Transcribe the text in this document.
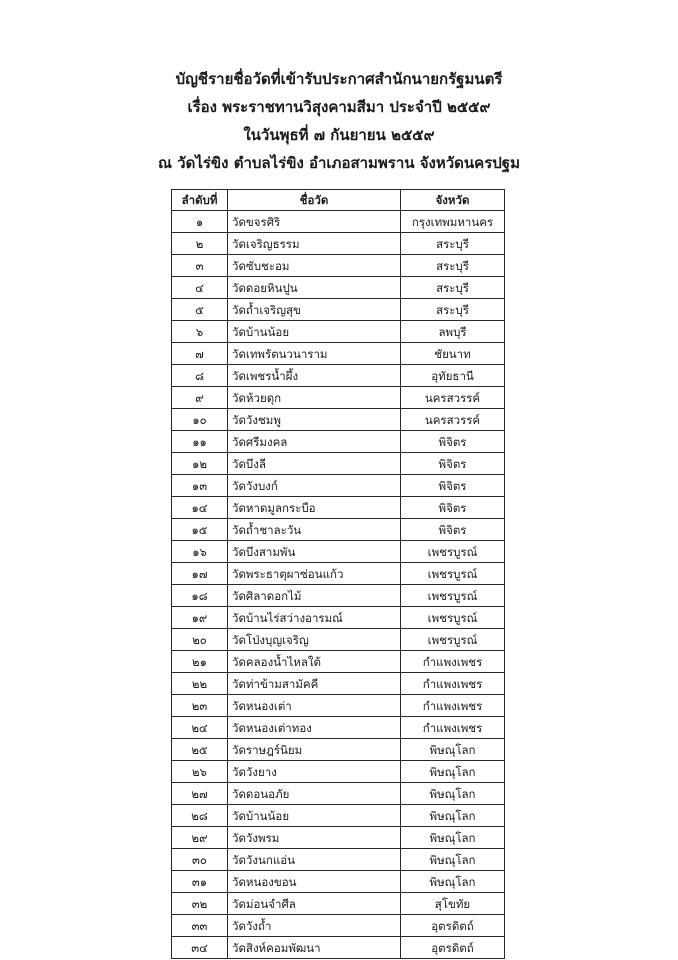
บัญชีรายชื่อวัดที่เข้ารับประกาศสำนักนายกรัฐมนตรี
เรื่อง พระราชทานวิสุงคามสีมา ประจำปี ๒๕๕๙
ในวันพุธที่ ๗ กันยายน ๒๕๕๙
ณ วัดไร่ขิง ตำบลไร่ขิง อำเภอสามพราน จังหวัดนครปฐม
ลำดับที่	ชื่อวัด	จังหวัด
๑	วัดขจรศิริ	กรุงเทพมหานคร
๒	วัดเจริญธรรม	สระบุรี
๓	วัดซับชะอม	สระบุรี
๔	วัดดอยหินปูน	สระบุรี
๕	วัดถ้ำเจริญสุข	สระบุรี
๖	วัดบ้านน้อย	ลพบุรี
๗	วัดเทพรัตนวนาราม	ชัยนาท
๘	วัดเพชรน้ำผึ้ง	อุทัยธานี
๙	วัดห้วยดุก	นครสวรรค์
๑๐	วัดวังชมพู	นครสวรรค์
๑๑	วัดศรีมงคล	พิจิตร
๑๒	วัดบึงลี	พิจิตร
๑๓	วัดวังบงก์	พิจิตร
๑๔	วัดหาดมูลกระบือ	พิจิตร
๑๕	วัดถ้ำชาละวัน	พิจิตร
๑๖	วัดบึงสามพัน	เพชรบูรณ์
๑๗	วัดพระธาตุผาซ่อนแก้ว	เพชรบูรณ์
๑๘	วัดศิลาดอกไม้	เพชรบูรณ์
๑๙	วัดบ้านไร่สว่างอารมณ์	เพชรบูรณ์
๒๐	วัดโป่งบุญเจริญ	เพชรบูรณ์
๒๑	วัดคลองน้ำไหลใต้	กำแพงเพชร
๒๒	วัดท่าข้ามสามัคคี	กำแพงเพชร
๒๓	วัดหนองเต่า	กำแพงเพชร
๒๔	วัดหนองเต่าทอง	กำแพงเพชร
๒๕	วัดราษฎร์นิยม	พิษณุโลก
๒๖	วัดวังยาง	พิษณุโลก
๒๗	วัดดอนอภัย	พิษณุโลก
๒๘	วัดบ้านน้อย	พิษณุโลก
๒๙	วัดวังพรม	พิษณุโลก
๓๐	วัดวังนกแอ่น	พิษณุโลก
๓๑	วัดหนองขอน	พิษณุโลก
๓๒	วัดม่อนจำศีล	สุโขทัย
๓๓	วัดวังถ้ำ	อุตรดิตถ์
๓๔	วัดสิงห์คอมพัฒนา	อุตรดิตถ์
